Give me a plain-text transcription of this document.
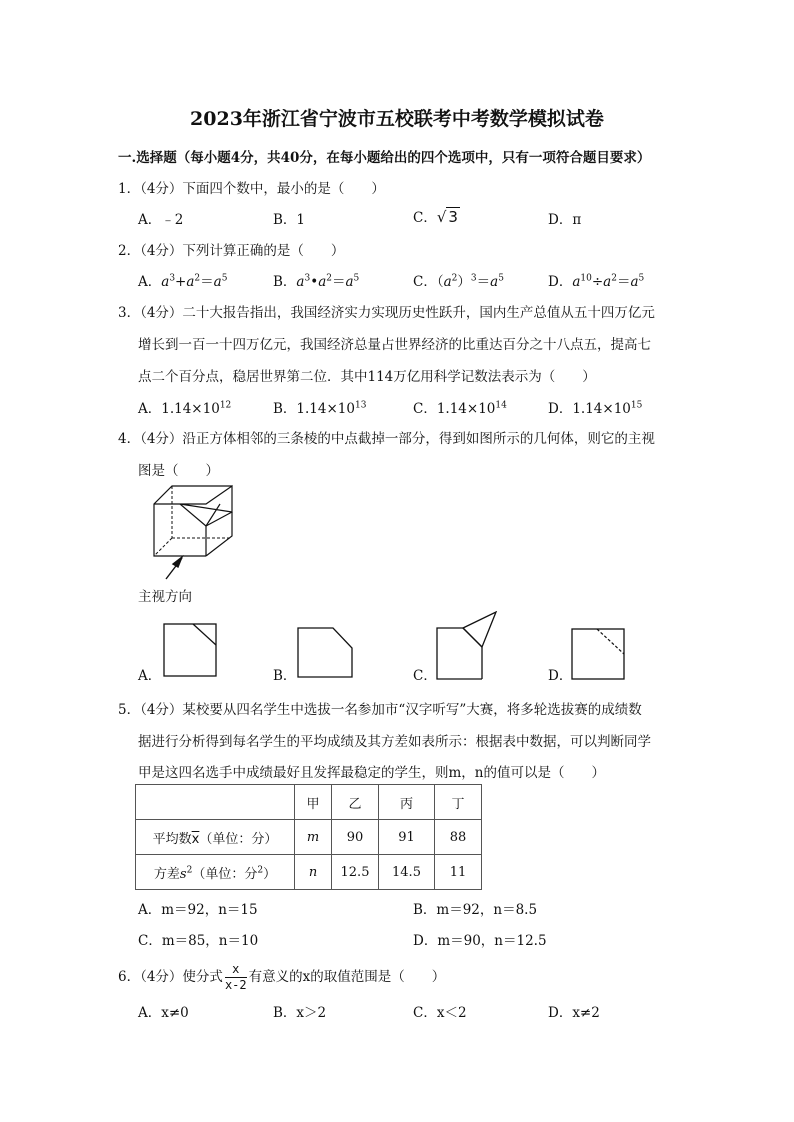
2023年浙江省宁波市五校联考中考数学模拟试卷
一.选择题（每小题4分，共40分，在每小题给出的四个选项中，只有一项符合题目要求）
1．（4分）下面四个数中，最小的是（　　）
A．﹣2	B．1	C．√ 3	D．π
2．（4分）下列计算正确的是（　　）
A．$a^3+a^2=a^5$	B．$a^3•a^2=a^5$	C．$(a^2)^3=a^5$	D．$a^{10}\div a^2=a^5$
3．（4分）二十大报告指出，我国经济实力实现历史性跃升，国内生产总值从五十四万亿元
增长到一百一十四万亿元，我国经济总量占世界经济的比重达百分之十八点五，提高七
点二个百分点，稳居世界第二位．其中114万亿用科学记数法表示为（　　）
A．$1.14\times 10^{12}$	B．$1.14\times 10^{13}$	C．$1.14\times 10^{14}$	D．$1.14\times 10^{15}$
4．（4分）沿正方体相邻的三条棱的中点截掉一部分，得到如图所示的几何体，则它的主视
图是（　　）
主视方向
A．	B．	C．	D．
5．（4分）某校要从四名学生中选拔一名参加市“汉字听写”大赛，将多轮选拔赛的成绩数
据进行分析得到每名学生的平均成绩及其方差如表所示：根据表中数据，可以判断同学
甲是这四名选手中成绩最好且发挥最稳定的学生，则m，n的值可以是（　　）
	甲	乙	丙	丁
平均数$\overline{x}$（单位：分）	m	90	91	88
方差$s^2$（单位：分$^2$）	n	12.5	14.5	11
A．m＝92，n＝15	B．m＝92，n＝8.5
C．m＝85，n＝10	D．m＝90，n＝12.5
6．（4分）使分式 $\frac{x}{x-2}$ 有意义的x的取值范围是（　　）
A．x≠0	B．x＞2	C．x＜2	D．x≠2
